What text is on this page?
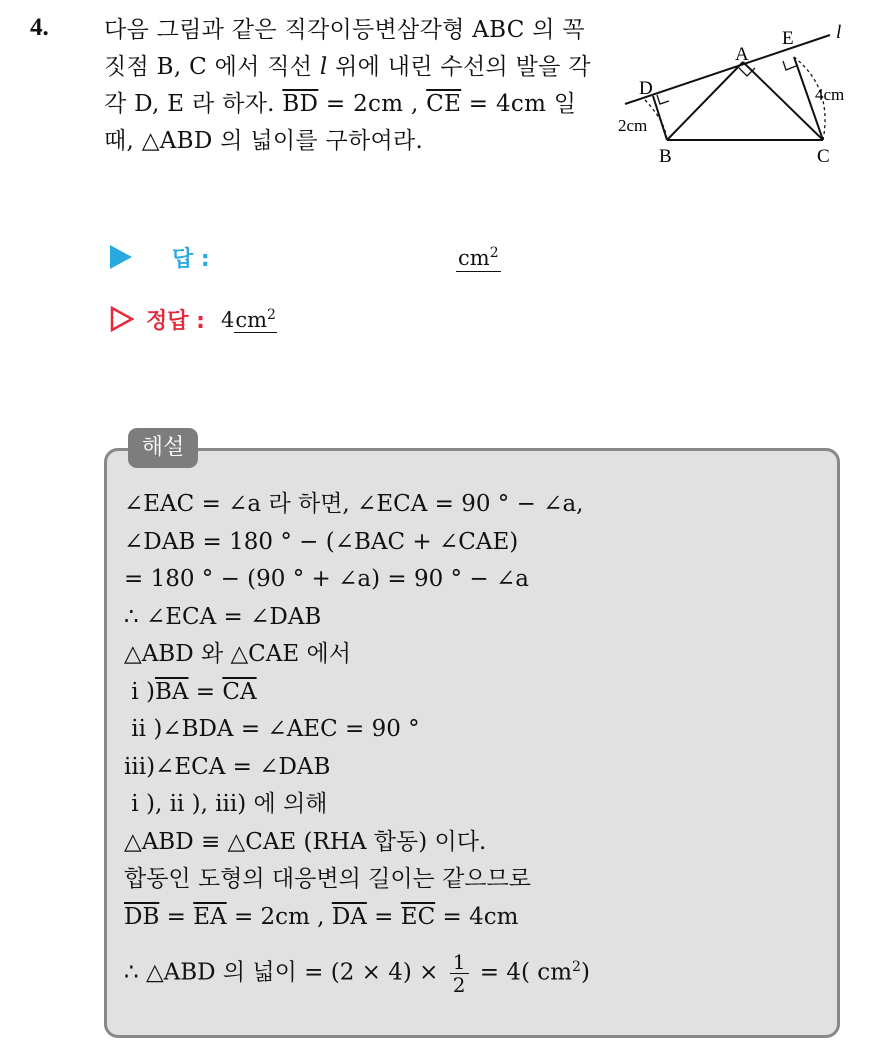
4. 다음 그림과 같은 직각이등변삼각형 ABC 의 꼭짓점 B, C 에서 직선 l 위에 내린 수선의 발을 각각 D, E 라 하자. $\overline{BD} = 2cm$ , $\overline{CE} = 4cm$ 일 때, △ABD 의 넓이를 구하여라.
A
B	C
D
E l
2cm
4cm
답 :	$cm^2$
정답 : $4cm^2$
해설
∠EAC = ∠a 라 하면, ∠ECA = 90 ° − ∠a,
∠DAB = 180 ° − (∠BAC + ∠CAE)
= 180 ° − (90 ° + ∠a) = 90 ° − ∠a
∴ ∠ECA = ∠DAB
△ABD 와 △CAE 에서
i )$\overline{BA} = \overline{CA}$
ii )∠BDA = ∠AEC = 90 °
iii)∠ECA = ∠DAB
i ), ii ), iii) 에 의해
△ABD ≡ △CAE (RHA 합동) 이다.
합동인 도형의 대응변의 길이는 같으므로
$\overline{DB} = \overline{EA} = 2cm$ , $\overline{DA} = \overline{EC} = 4cm$
∴ △ABD 의 넓이 = $(2 \times 4) \times \frac{1}{2} = 4$( $cm^2$)
